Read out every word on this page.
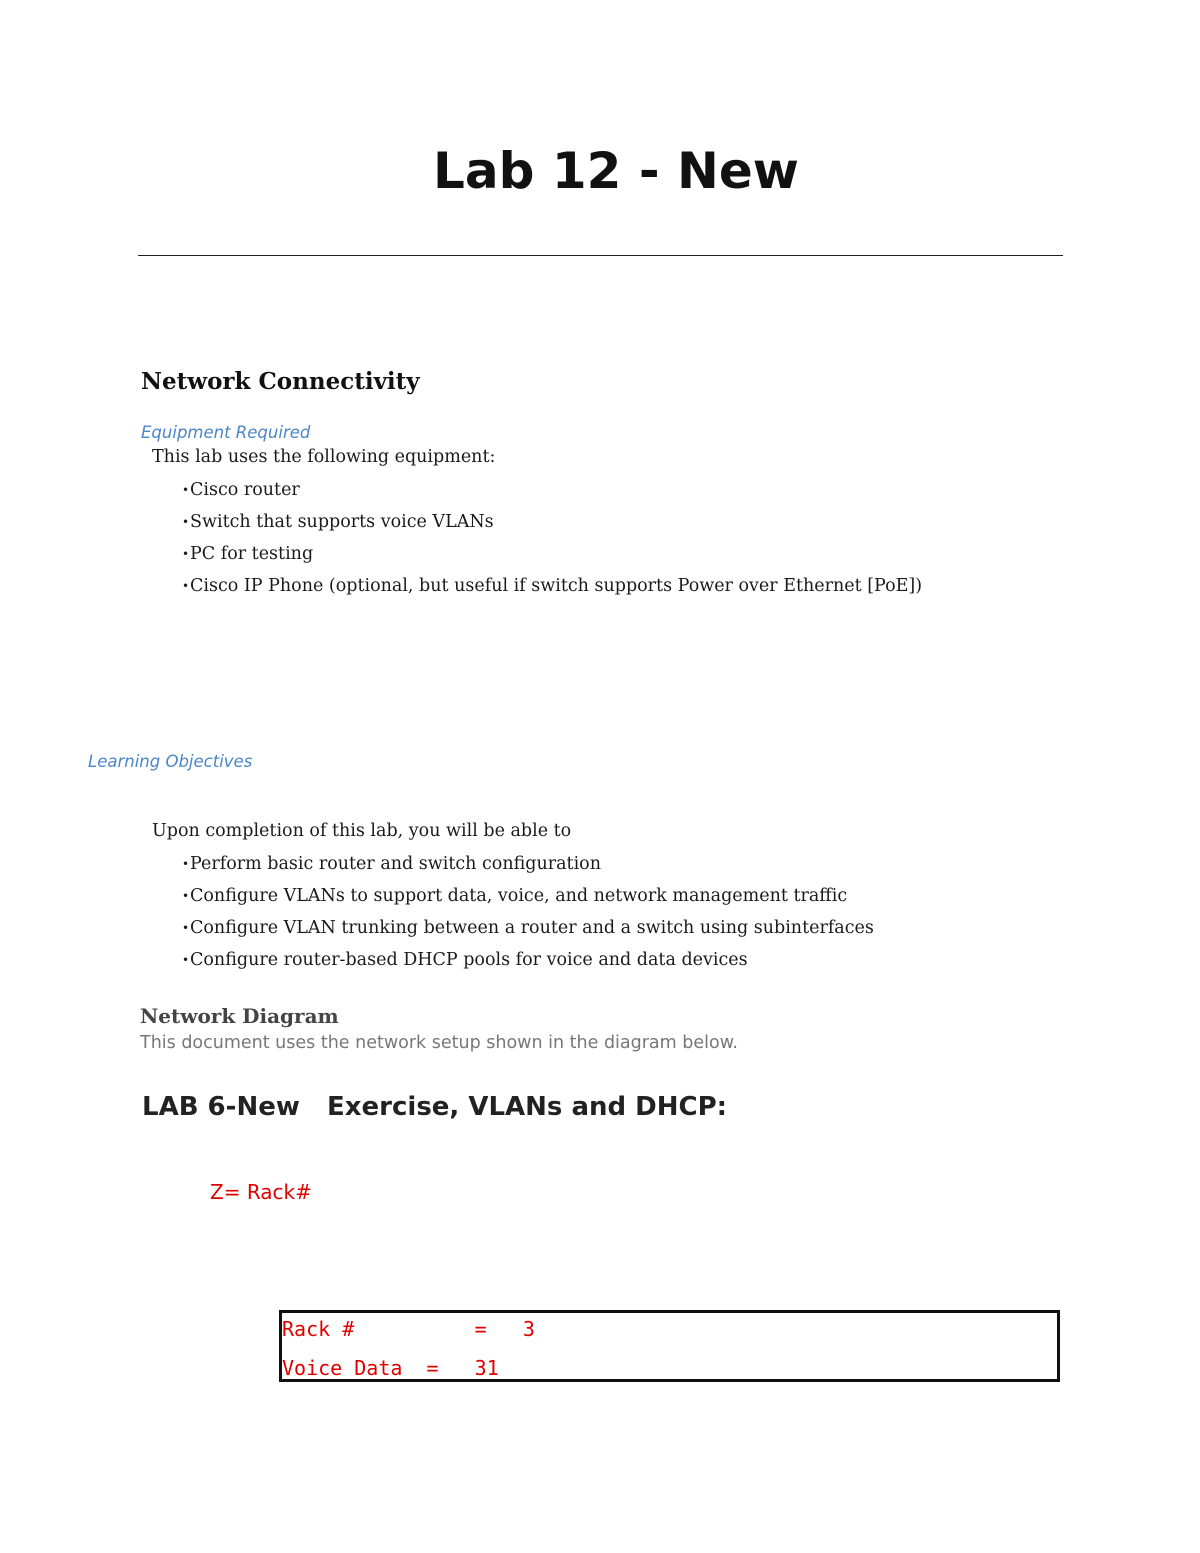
Lab 12 - New
Network Connectivity
Equipment Required
This lab uses the following equipment:
•Cisco router
•Switch that supports voice VLANs
•PC for testing
•Cisco IP Phone (optional, but useful if switch supports Power over Ethernet [PoE])
Learning Objectives
Upon completion of this lab, you will be able to
•Perform basic router and switch configuration
•Configure VLANs to support data, voice, and network management traffic
•Configure VLAN trunking between a router and a switch using subinterfaces
•Configure router-based DHCP pools for voice and data devices
Network Diagram
This document uses the network setup shown in the diagram below.
LAB 6-New   Exercise, VLANs and DHCP:
Z= Rack#
Rack #          =   3
Voice Data  =   31
